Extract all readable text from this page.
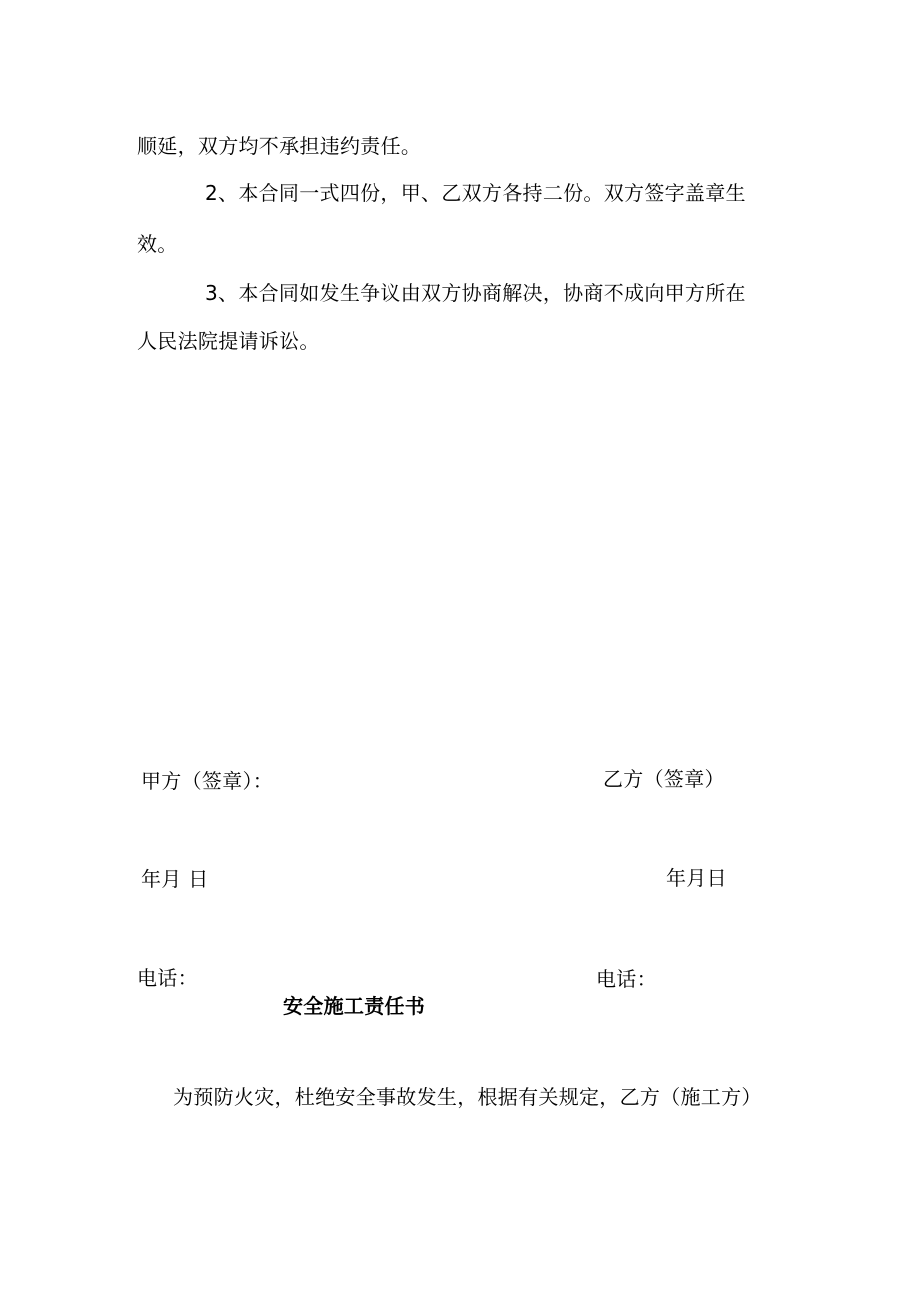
顺延，双方均不承担违约责任。
2、本合同一式四份，甲、乙双方各持二份。双方签字盖章生
效。
3、本合同如发生争议由双方协商解决，协商不成向甲方所在
人民法院提请诉讼。
甲方（签章）：	乙方（签章）
年月 日	年月日
电话：	电话：
安全施工责任书
为预防火灾，杜绝安全事故发生，根据有关规定，乙方（施工方）
